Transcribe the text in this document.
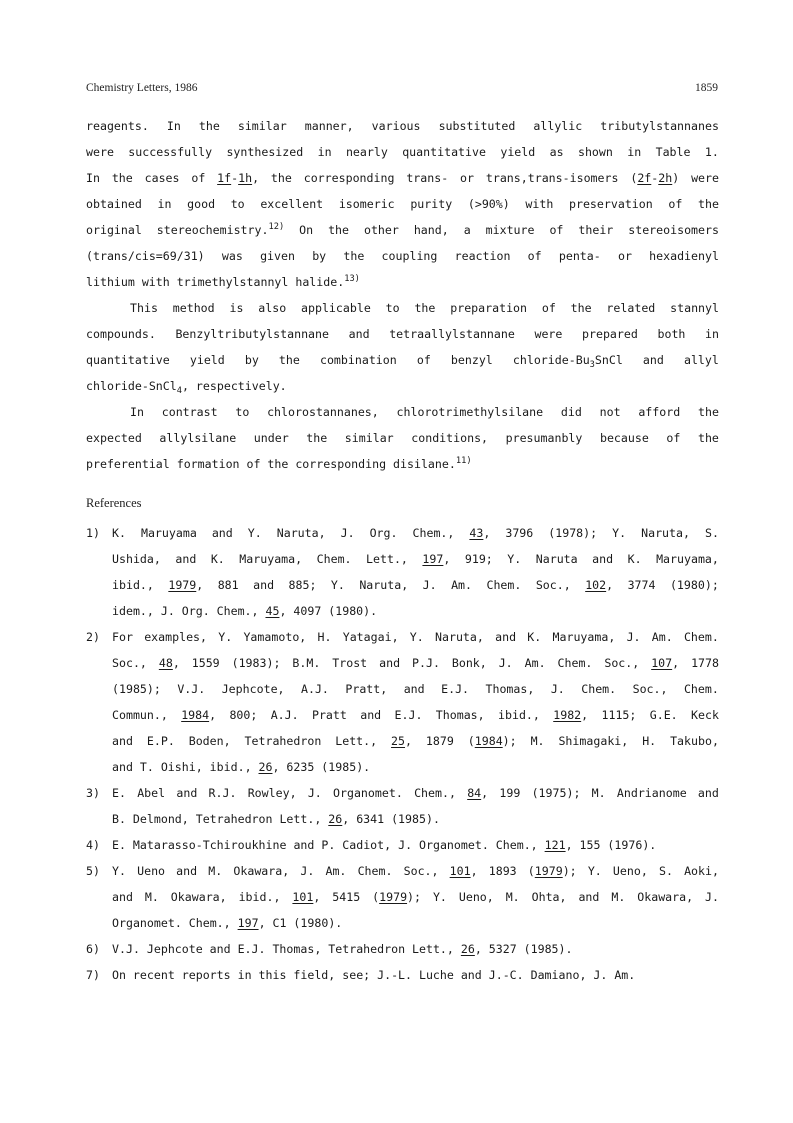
Chemistry Letters, 1986	1859
reagents. In the similar manner, various substituted allylic tributylstannanes
were successfully synthesized in nearly quantitative yield as shown in Table 1.
In the cases of 1f-1h, the corresponding trans- or trans,trans-isomers (2f-2h) were
obtained in good to excellent isomeric purity (>90%) with preservation of the
original stereochemistry.$^{12)}$ On the other hand, a mixture of their stereoisomers
(trans/cis=69/31) was given by the coupling reaction of penta- or hexadienyl
lithium with trimethylstannyl halide.$^{13)}$
This method is also applicable to the preparation of the related stannyl
compounds. Benzyltributylstannane and tetraallylstannane were prepared both in
quantitative yield by the combination of benzyl chloride-$Bu_3SnCl$ and allyl
chloride-SnCl$_4$, respectively.
In contrast to chlorostannanes, chlorotrimethylsilane did not afford the
expected allylsilane under the similar conditions, presumanbly because of the
preferential formation of the corresponding disilane.$^{11)}$
References
1) K. Maruyama and Y. Naruta, J. Org. Chem., 43, 3796 (1978); Y. Naruta, S.
Ushida, and K. Maruyama, Chem. Lett., 197, 919; Y. Naruta and K. Maruyama,
ibid., 1979, 881 and 885; Y. Naruta, J. Am. Chem. Soc., 102, 3774 (1980);
idem., J. Org. Chem., 45, 4097 (1980).
2) For examples, Y. Yamamoto, H. Yatagai, Y. Naruta, and K. Maruyama, J. Am. Chem.
Soc., 48, 1559 (1983); B.M. Trost and P.J. Bonk, J. Am. Chem. Soc., 107, 1778
(1985); V.J. Jephcote, A.J. Pratt, and E.J. Thomas, J. Chem. Soc., Chem.
Commun., 1984, 800; A.J. Pratt and E.J. Thomas, ibid., 1982, 1115; G.E. Keck
and E.P. Boden, Tetrahedron Lett., 25, 1879 (1984); M. Shimagaki, H. Takubo,
and T. Oishi, ibid., 26, 6235 (1985).
3) E. Abel and R.J. Rowley, J. Organomet. Chem., 84, 199 (1975); M. Andrianome and
B. Delmond, Tetrahedron Lett., 26, 6341 (1985).
4) E. Matarasso-Tchiroukhine and P. Cadiot, J. Organomet. Chem., 121, 155 (1976).
5) Y. Ueno and M. Okawara, J. Am. Chem. Soc., 101, 1893 (1979); Y. Ueno, S. Aoki,
and M. Okawara, ibid., 101, 5415 (1979); Y. Ueno, M. Ohta, and M. Okawara, J.
Organomet. Chem., 197, C1 (1980).
6) V.J. Jephcote and E.J. Thomas, Tetrahedron Lett., 26, 5327 (1985).
7) On recent reports in this field, see; J.-L. Luche and J.-C. Damiano, J. Am.
